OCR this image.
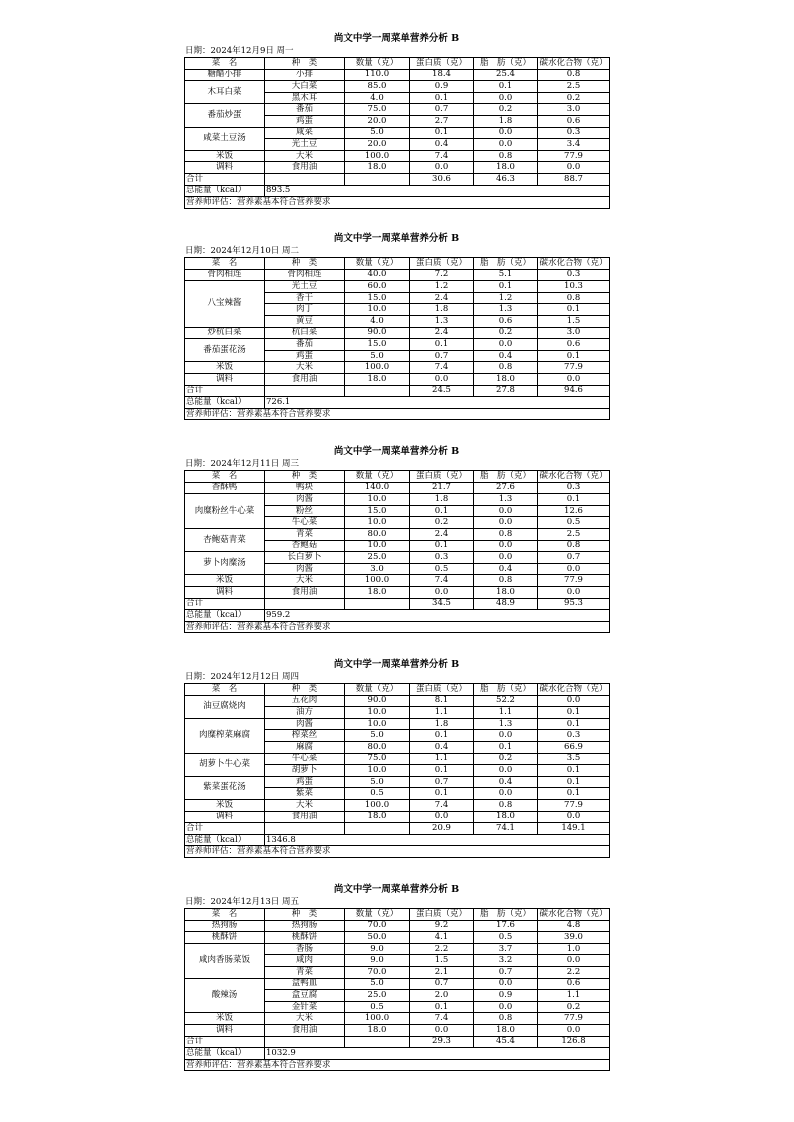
尚文中学一周菜单营养分析 B
日期：2024年12月9日 周一
菜　名	种　类	数量（克）	蛋白质（克）	脂　肪（克）	碳水化合物（克）
糖醋小排	小排	110.0	18.4	25.4	0.8
木耳白菜	大白菜	85.0	0.9	0.1	2.5
	黑木耳	4.0	0.1	0.0	0.2
番茄炒蛋	番茄	75.0	0.7	0.2	3.0
	鸡蛋	20.0	2.7	1.8	0.6
咸菜土豆汤	咸菜	5.0	0.1	0.0	0.3
	光土豆	20.0	0.4	0.0	3.4
米饭	大米	100.0	7.4	0.8	77.9
调料	食用油	18.0	0.0	18.0	0.0
合计			30.6	46.3	88.7
总能量（kcal）	893.5				
营养师评估：营养素基本符合营养要求					
尚文中学一周菜单营养分析 B
日期：2024年12月10日 周二
菜　名	种　类	数量（克）	蛋白质（克）	脂　肪（克）	碳水化合物（克）
骨肉相连	骨肉相连	40.0	7.2	5.1	0.3
八宝辣酱	光土豆	60.0	1.2	0.1	10.3
	香干	15.0	2.4	1.2	0.8
	肉丁	10.0	1.8	1.3	0.1
	黄豆	4.0	1.3	0.6	1.5
炒杭白菜	杭白菜	90.0	2.4	0.2	3.0
番茄蛋花汤	番茄	15.0	0.1	0.0	0.6
	鸡蛋	5.0	0.7	0.4	0.1
米饭	大米	100.0	7.4	0.8	77.9
调料	食用油	18.0	0.0	18.0	0.0
合计			24.5	27.8	94.6
总能量（kcal）	726.1				
营养师评估：营养素基本符合营养要求					
尚文中学一周菜单营养分析 B
日期：2024年12月11日 周三
菜　名	种　类	数量（克）	蛋白质（克）	脂　肪（克）	碳水化合物（克）
香酥鸭	鸭块	140.0	21.7	27.6	0.3
肉糜粉丝牛心菜	肉酱	10.0	1.8	1.3	0.1
	粉丝	15.0	0.1	0.0	12.6
	牛心菜	10.0	0.2	0.0	0.5
杏鲍菇青菜	青菜	80.0	2.4	0.8	2.5
	杏鲍菇	10.0	0.1	0.0	0.8
萝卜肉糜汤	长白萝卜	25.0	0.3	0.0	0.7
	肉酱	3.0	0.5	0.4	0.0
米饭	大米	100.0	7.4	0.8	77.9
调料	食用油	18.0	0.0	18.0	0.0
合计			34.5	48.9	95.3
总能量（kcal）	959.2				
营养师评估：营养素基本符合营养要求					
尚文中学一周菜单营养分析 B
日期：2024年12月12日 周四
菜　名	种　类	数量（克）	蛋白质（克）	脂　肪（克）	碳水化合物（克）
油豆腐烧肉	五花肉	90.0	8.1	52.2	0.0
	油方	10.0	1.1	1.1	0.1
肉糜榨菜麻腐	肉酱	10.0	1.8	1.3	0.1
	榨菜丝	5.0	0.1	0.0	0.3
	麻腐	80.0	0.4	0.1	66.9
胡萝卜牛心菜	牛心菜	75.0	1.1	0.2	3.5
	胡萝卜	10.0	0.1	0.0	0.1
紫菜蛋花汤	鸡蛋	5.0	0.7	0.4	0.1
	紫菜	0.5	0.1	0.0	0.1
米饭	大米	100.0	7.4	0.8	77.9
调料	食用油	18.0	0.0	18.0	0.0
合计			20.9	74.1	149.1
总能量（kcal）	1346.8				
营养师评估：营养素基本符合营养要求					
尚文中学一周菜单营养分析 B
日期：2024年12月13日 周五
菜　名	种　类	数量（克）	蛋白质（克）	脂　肪（克）	碳水化合物（克）
热狗肠	热狗肠	70.0	9.2	17.6	4.8
桃酥饼	桃酥饼	50.0	4.1	0.5	39.0
咸肉香肠菜饭	香肠	9.0	2.2	3.7	1.0
	咸肉	9.0	1.5	3.2	0.0
	青菜	70.0	2.1	0.7	2.2
酸辣汤	盒鸭血	5.0	0.7	0.0	0.6
	盒豆腐	25.0	2.0	0.9	1.1
	金针菜	0.5	0.1	0.0	0.2
米饭	大米	100.0	7.4	0.8	77.9
调料	食用油	18.0	0.0	18.0	0.0
合计			29.3	45.4	126.8
总能量（kcal）	1032.9				
营养师评估：营养素基本符合营养要求					
